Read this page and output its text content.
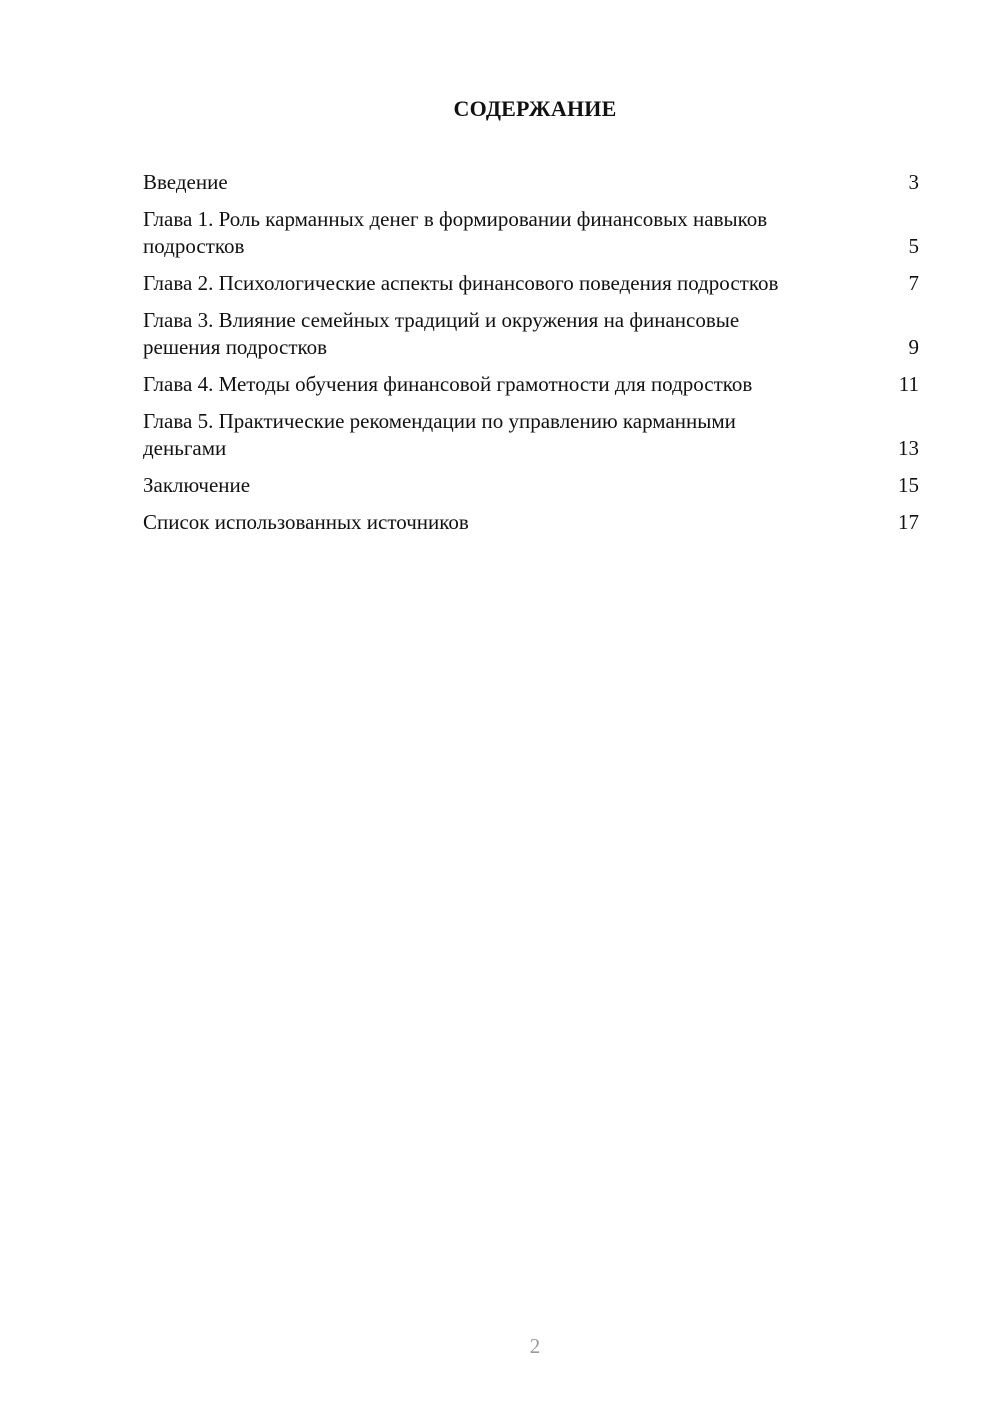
СОДЕРЖАНИЕ
Введение	3
Глава 1. Роль карманных денег в формировании финансовых навыков подростков	5
Глава 2. Психологические аспекты финансового поведения подростков	7
Глава 3. Влияние семейных традиций и окружения на финансовые решения подростков	9
Глава 4. Методы обучения финансовой грамотности для подростков	11
Глава 5. Практические рекомендации по управлению карманными деньгами	13
Заключение	15
Список использованных источников	17
2
